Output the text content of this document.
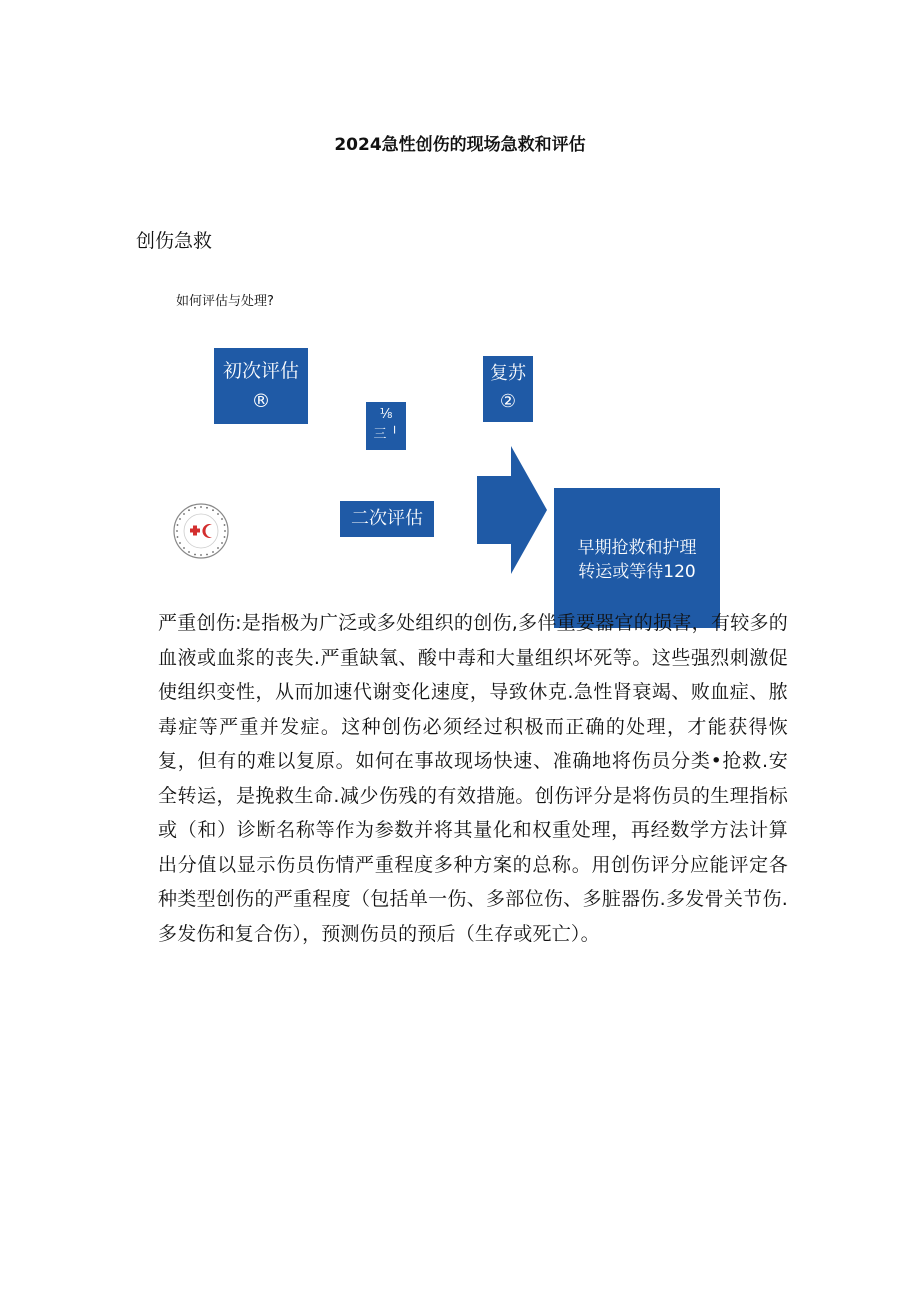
2024急性创伤的现场急救和评估
创伤急救
如何评估与处理?
初次评估
®
⅛
三 ╵
复苏
②
二次评估
早期抢救和护理
转运或等待120
严重创伤:是指极为广泛或多处组织的创伤,多伴重要器官的损害，有较多的血液或血浆的丧失.严重缺氧、酸中毒和大量组织坏死等。这些强烈刺激促使组织变性，从而加速代谢变化速度，导致休克.急性肾衰竭、败血症、脓毒症等严重并发症。这种创伤必须经过积极而正确的处理，才能获得恢复，但有的难以复原。如何在事故现场快速、准确地将伤员分类•抢救.安全转运，是挽救生命.减少伤残的有效措施。创伤评分是将伤员的生理指标或（和）诊断名称等作为参数并将其量化和权重处理，再经数学方法计算出分值以显示伤员伤情严重程度多种方案的总称。用创伤评分应能评定各种类型创伤的严重程度（包括单一伤、多部位伤、多脏器伤.多发骨关节伤.多发伤和复合伤），预测伤员的预后（生存或死亡）。
